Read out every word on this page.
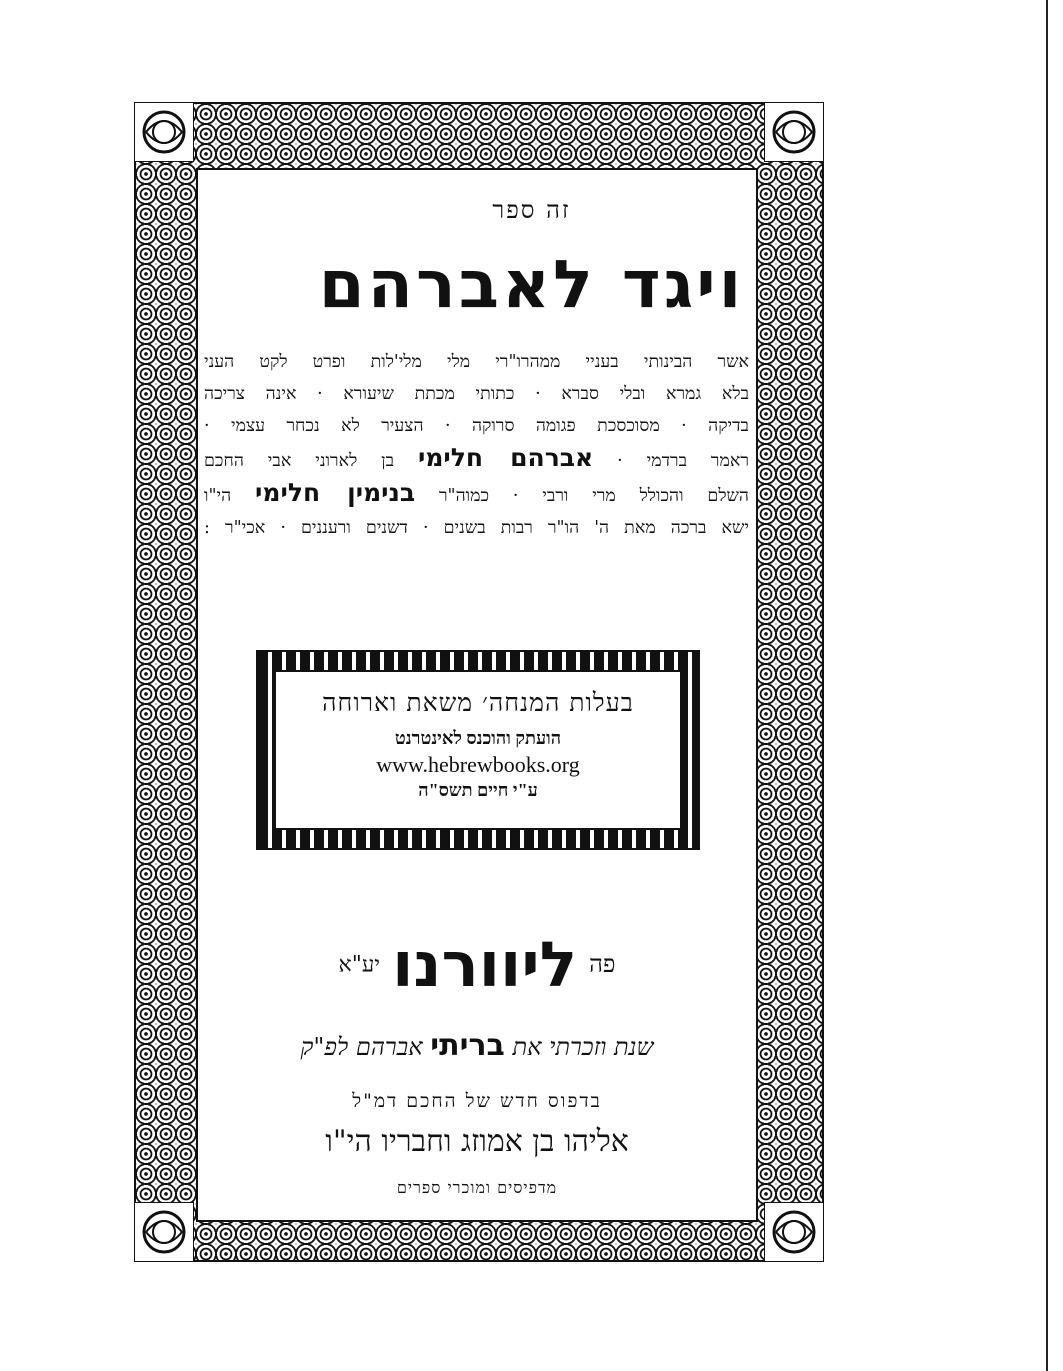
זה ספר
ויגד לאברהם
אשר הבינותי בעניי ממהרו"רי מלי מלי'לות ופרט לקט העני
בלא גמרא ובלי סברא · כתותי מכתת שיעורא · אינה צריכה
בדיקה · מסוכסכת פגומה סרוקה · הצעיר לא נכחר עצמי ·
ראמר ברדמי · אברהם חלימי בן לארוני אבי החכם
השלם והכולל מרי ורבי · כמוה"ר בנימין חלימי הי"ו
ישא ברכה מאת ה' הו"ר רבות בשנים · דשנים ורעננים · אכי"ר :
בעלות המנחה׳ משאת וארוחה
הועתק והוכנס לאינטרנט
www.hebrewbooks.org
ע"י חיים תשס"ה
פהליוורנויע"א
שנת וזכרתי את בריתי אברהם לפ"ק
בדפוס חדש של החכם דמ"ל
אליהו בן אמוזג וחבריו הי"ו
מדפיסים ומוכרי ספרים
